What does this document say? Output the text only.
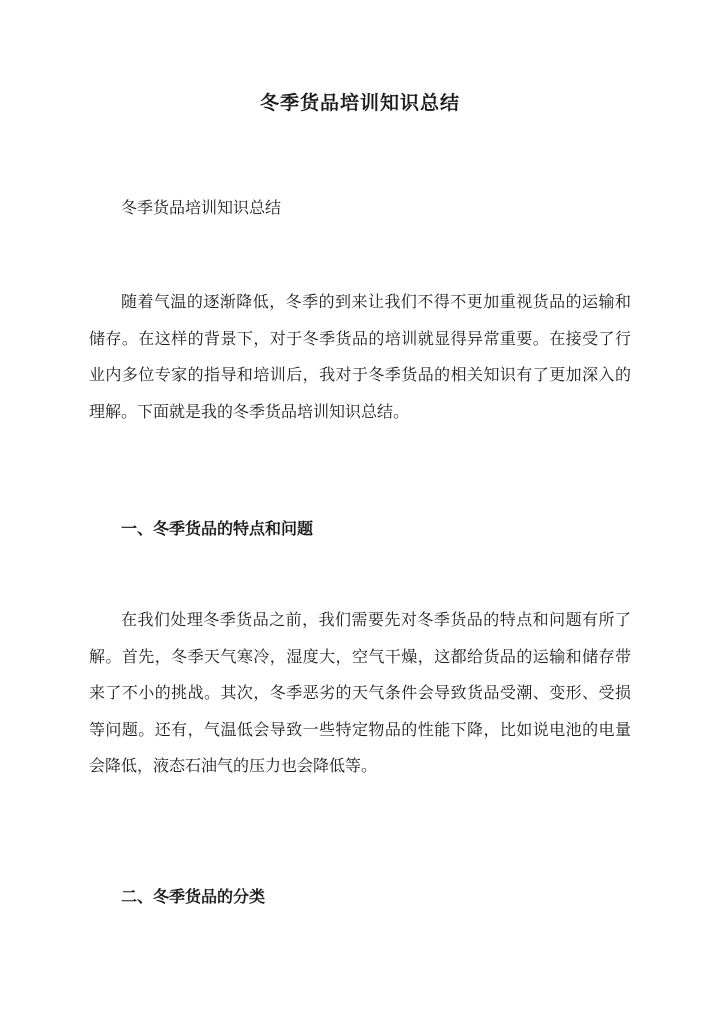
冬季货品培训知识总结

冬季货品培训知识总结

随着气温的逐渐降低，冬季的到来让我们不得不更加重视货品的运输和储存。在这样的背景下，对于冬季货品的培训就显得异常重要。在接受了行业内多位专家的指导和培训后，我对于冬季货品的相关知识有了更加深入的理解。下面就是我的冬季货品培训知识总结。

一、冬季货品的特点和问题

在我们处理冬季货品之前，我们需要先对冬季货品的特点和问题有所了解。首先，冬季天气寒冷，湿度大，空气干燥，这都给货品的运输和储存带来了不小的挑战。其次，冬季恶劣的天气条件会导致货品受潮、变形、受损等问题。还有，气温低会导致一些特定物品的性能下降，比如说电池的电量会降低，液态石油气的压力也会降低等。

二、冬季货品的分类
